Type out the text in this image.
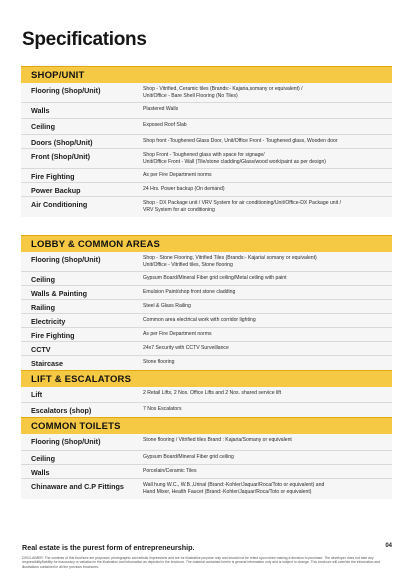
Specifications
SHOP/UNIT
Flooring (Shop/Unit)	Shop - Vitrified, Ceramic tiles (Brands:- Kajaria,somany or equivalent) /
Unit/Office - Bare Shell Flooring (No Tiles)
Walls	Plastered Walls
Ceiling	Exposed Roof Slab
Doors (Shop/Unit)	Shop front -Toughened Glass Door, Unit/Office Front - Toughened glass, Wooden door
Front (Shop/Unit)	Shop Front - Toughened glass with space for signage/
Unit/Office Front - Wall (Tile/stone cladding/Glass/wood work/paint as per design)
Fire Fighting	As per Fire Department norms
Power Backup	24 Hrs. Power backup (On demand)
Air Conditioning	Shop - DX Package unit / VRV System for air conditioning/Unit/Office-DX Package unit /
VRV System for air conditioning
LOBBY & COMMON AREAS
Flooring (Shop/Unit)	Shop - Stone Flooring, Vitrified Tiles (Brands:- Kajaria/ somany or equivalent)
Unit/Office - Vitrified tiles, Stone flooring
Ceiling	Gypsum Board/Mineral Fiber grid ceiling/Metal ceiling with paint
Walls & Painting	Emulsion Paint/shop front stone cladding
Railing	Steel & Glass Railing
Electricity	Common area electrical work with corridor lighting
Fire Fighting	As per Fire Department norms
CCTV	24x7 Security with CCTV Surveillance
Staircase	Stone flooring
LIFT & ESCALATORS
Lift	2 Retail Lifts, 2 Nos. Office Lifts and 2 Nos. shared service lift
Escalators (shop)	7 Nos Escalators
COMMON TOILETS
Flooring (Shop/Unit)	Stone flooring / Vitrified tiles Brand : Kajaria/Somany or equivalent
Ceiling	Gypsum Board/Mineral Fiber grid ceiling
Walls	Porcelain/Ceramic Tiles
Chinaware and C.P Fittings	Wall hung W.C., W.B.,Urinal (Brand:-Kohler/Jaquar/Roca/Toto or equivalent) and
Hand Mixer, Health Faucet (Brand:-Kohler/Jaquar/Roca/Toto or equivalent)
Real estate is the purest form of entrepreneurship.	04
DISCLAIMER: The contents of this brochure are proposed, photographic and artistic impressions and are for illustrative purpose only and should not be relied upon when making a decision to purchase. The developer does not take any responsibility/liability for inaccuracy or variation in the illustration and information as depicted in the brochure. The material contained herein is general information only and is subject to change. This brochure will override the information and illustrations contained in all the previous brochures.
